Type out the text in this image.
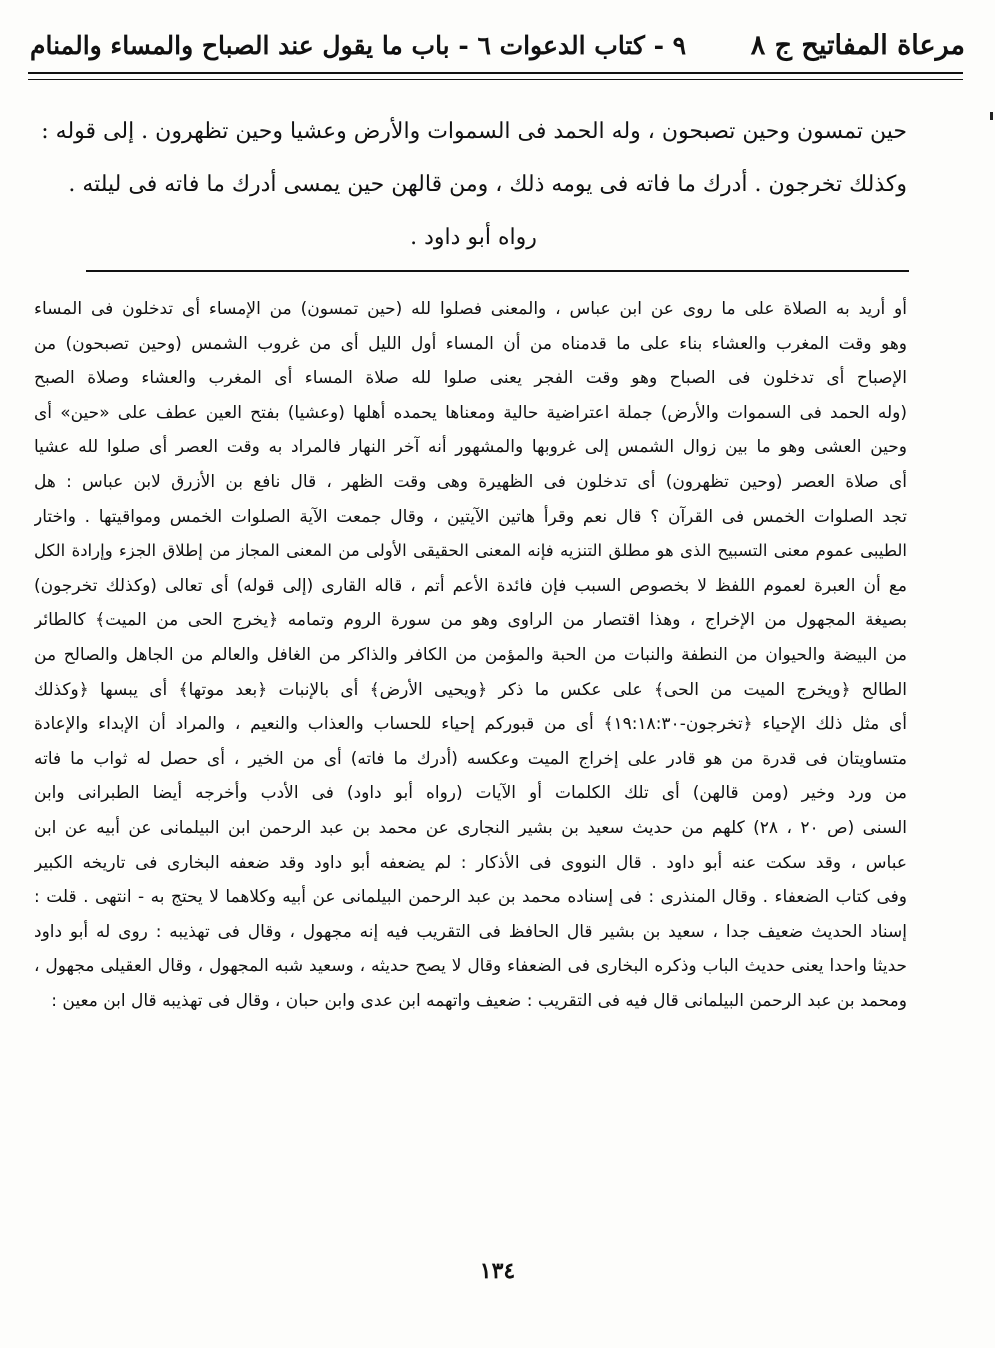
مرعاة المفاتيح ج ٨
٩ - كتاب الدعوات ٦ - باب ما يقول عند الصباح والمساء والمنام
حين تمسون وحين تصبحون ، وله الحمد فى السموات والأرض وعشيا وحين تظهرون . إلى قوله :
وكذلك تخرجون . أدرك ما فاته فى يومه ذلك ، ومن قالهن حين يمسى أدرك ما فاته فى ليلته .
رواه أبو داود .
أو أريد به الصلاة على ما روى عن ابن عباس ، والمعنى فصلوا لله (حين تمسون) من الإمساء أى تدخلون فى المساء
وهو وقت المغرب والعشاء بناء على ما قدمناه من أن المساء أول الليل أى من غروب الشمس (وحين تصبحون) من
الإصباح أى تدخلون فى الصباح وهو وقت الفجر يعنى صلوا لله صلاة المساء أى المغرب والعشاء وصلاة الصبح
(وله الحمد فى السموات والأرض) جملة اعتراضية حالية ومعناها يحمده أهلها (وعشيا) بفتح العين عطف على «حين» أى
وحين العشى وهو ما بين زوال الشمس إلى غروبها والمشهور أنه آخر النهار فالمراد به وقت العصر أى صلوا لله عشيا
أى صلاة العصر (وحين تظهرون) أى تدخلون فى الظهيرة وهى وقت الظهر ، قال نافع بن الأزرق لابن عباس : هل
تجد الصلوات الخمس فى القرآن ؟ قال نعم وقرأ هاتين الآيتين ، وقال جمعت الآية الصلوات الخمس ومواقيتها . واختار
الطيبى عموم معنى التسبيح الذى هو مطلق التنزيه فإنه المعنى الحقيقى الأولى من المعنى المجاز من إطلاق الجزء وإرادة الكل
مع أن العبرة لعموم اللفظ لا بخصوص السبب فإن فائدة الأعم أتم ، قاله القارى (إلى قوله) أى تعالى (وكذلك تخرجون)
بصيغة المجهول من الإخراج ، وهذا اقتصار من الراوى وهو من سورة الروم وتمامه ﴿يخرج الحى من الميت﴾ كالطائر
من البيضة والحيوان من النطفة والنبات من الحبة والمؤمن من الكافر والذاكر من الغافل والعالم من الجاهل والصالح من
الطالح ﴿ويخرج الميت من الحى﴾ على عكس ما ذكر ﴿ويحيى الأرض﴾ أى بالإنبات ﴿بعد موتها﴾ أى يبسها ﴿وكذلك
أى مثل ذلك الإحياء ﴿تخرجون-١٩:١٨:٣٠﴾ أى من قبوركم إحياء للحساب والعذاب والنعيم ، والمراد أن الإبداء والإعادة
متساويتان فى قدرة من هو قادر على إخراج الميت وعكسه (أدرك ما فاته) أى من الخير ، أى حصل له ثواب ما فاته
من ورد وخير (ومن قالهن) أى تلك الكلمات أو الآيات (رواه أبو داود) فى الأدب وأخرجه أيضا الطبرانى وابن
السنى (ص ٢٠ ، ٢٨) كلهم من حديث سعيد بن بشير النجارى عن محمد بن عبد الرحمن ابن البيلمانى عن أبيه عن ابن
عباس ، وقد سكت عنه أبو داود . قال النووى فى الأذكار : لم يضعفه أبو داود وقد ضعفه البخارى فى تاريخه الكبير
وفى كتاب الضعفاء . وقال المنذرى : فى إسناده محمد بن عبد الرحمن البيلمانى عن أبيه وكلاهما لا يحتج به - انتهى . قلت :
إسناد الحديث ضعيف جدا ، سعيد بن بشير قال الحافظ فى التقريب فيه إنه مجهول ، وقال فى تهذيبه : روى له أبو داود
حديثا واحدا يعنى حديث الباب وذكره البخارى فى الضعفاء وقال لا يصح حديثه ، وسعيد شبه المجهول ، وقال العقيلى مجهول ،
ومحمد بن عبد الرحمن البيلمانى قال فيه فى التقريب : ضعيف واتهمه ابن عدى وابن حبان ، وقال فى تهذيبه قال ابن معين :
١٣٤
